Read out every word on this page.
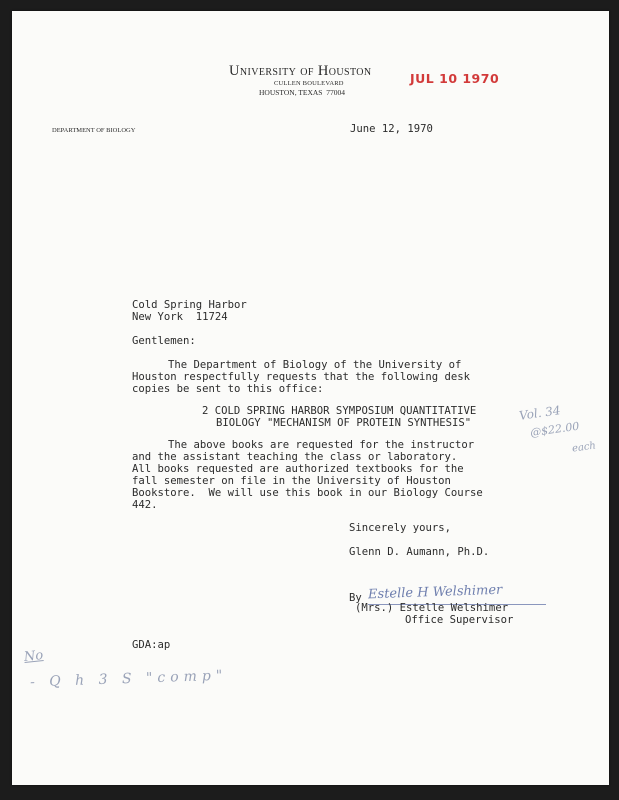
University of Houston
CULLEN BOULEVARD
HOUSTON, TEXAS  77004
JUL 10 1970
DEPARTMENT OF BIOLOGY	June 12, 1970
Cold Spring Harbor
New York  11724
Gentlemen:
The Department of Biology of the University of
Houston respectfully requests that the following desk
copies be sent to this office:
2 COLD SPRING HARBOR SYMPOSIUM QUANTITATIVE
BIOLOGY "MECHANISM OF PROTEIN SYNTHESIS"
Vol. 34
@$22.00
each
The above books are requested for the instructor
and the assistant teaching the class or laboratory.
All books requested are authorized textbooks for the
fall semester on file in the University of Houston
Bookstore.  We will use this book in our Biology Course
442.
Sincerely yours,
Glenn D. Aumann, Ph.D.
By Estelle H Welshimer
(Mrs.) Estelle Welshimer
Office Supervisor
GDA:ap
No
- Q h 3 S "comp"
